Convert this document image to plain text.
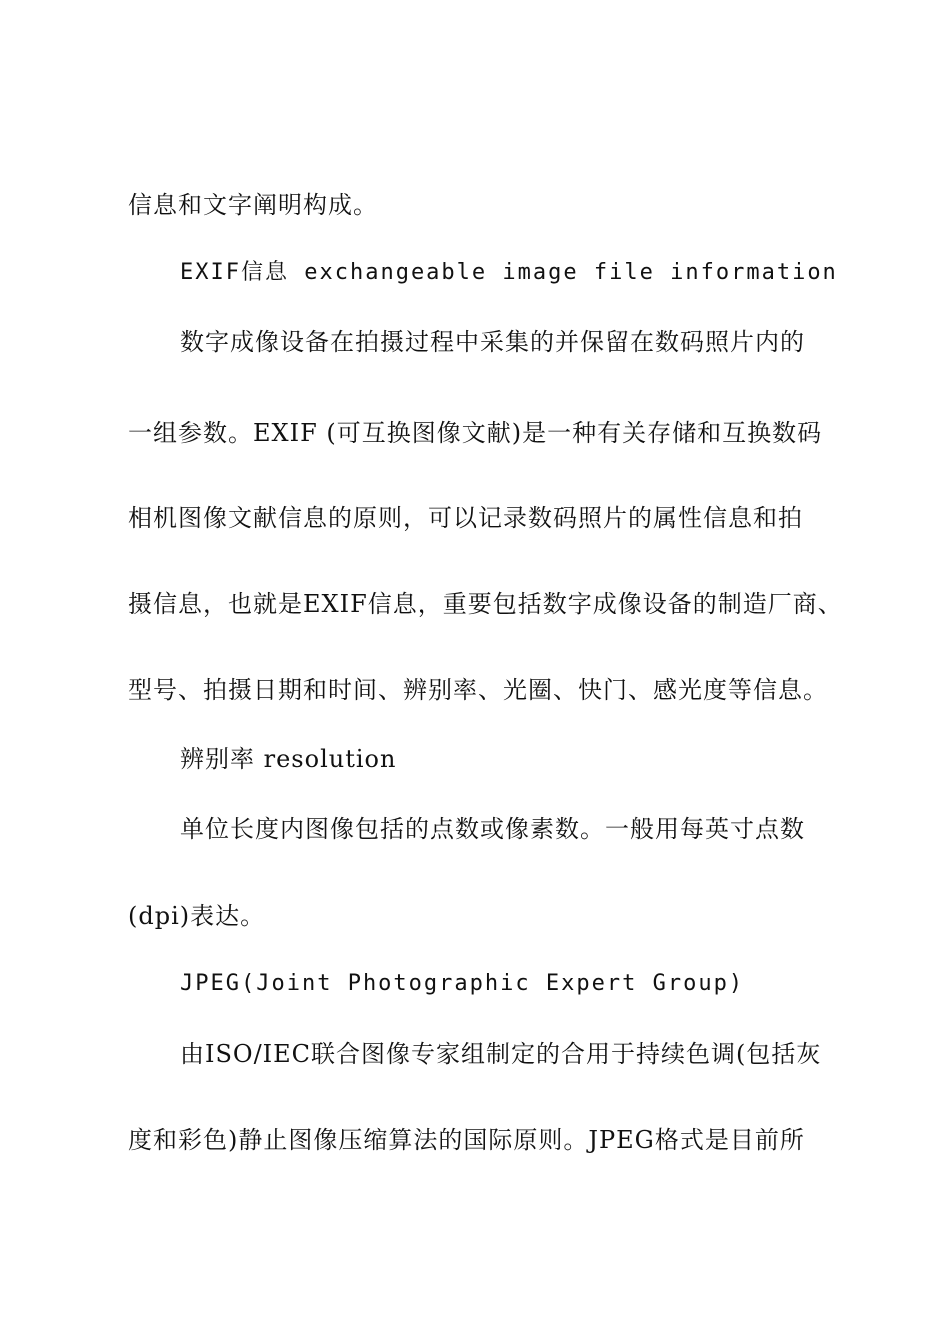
信息和文字阐明构成。
EXIF信息 exchangeable image file information
数字成像设备在拍摄过程中采集的并保留在数码照片内的
一组参数。EXIF (可互换图像文献)是一种有关存储和互换数码
相机图像文献信息的原则，可以记录数码照片的属性信息和拍
摄信息，也就是EXIF信息，重要包括数字成像设备的制造厂商、
型号、拍摄日期和时间、辨别率、光圈、快门、感光度等信息。
辨别率 resolution
单位长度内图像包括的点数或像素数。一般用每英寸点数
(dpi)表达。
JPEG(Joint Photographic Expert Group)
由ISO/IEC联合图像专家组制定的合用于持续色调(包括灰
度和彩色)静止图像压缩算法的国际原则。JPEG格式是目前所
